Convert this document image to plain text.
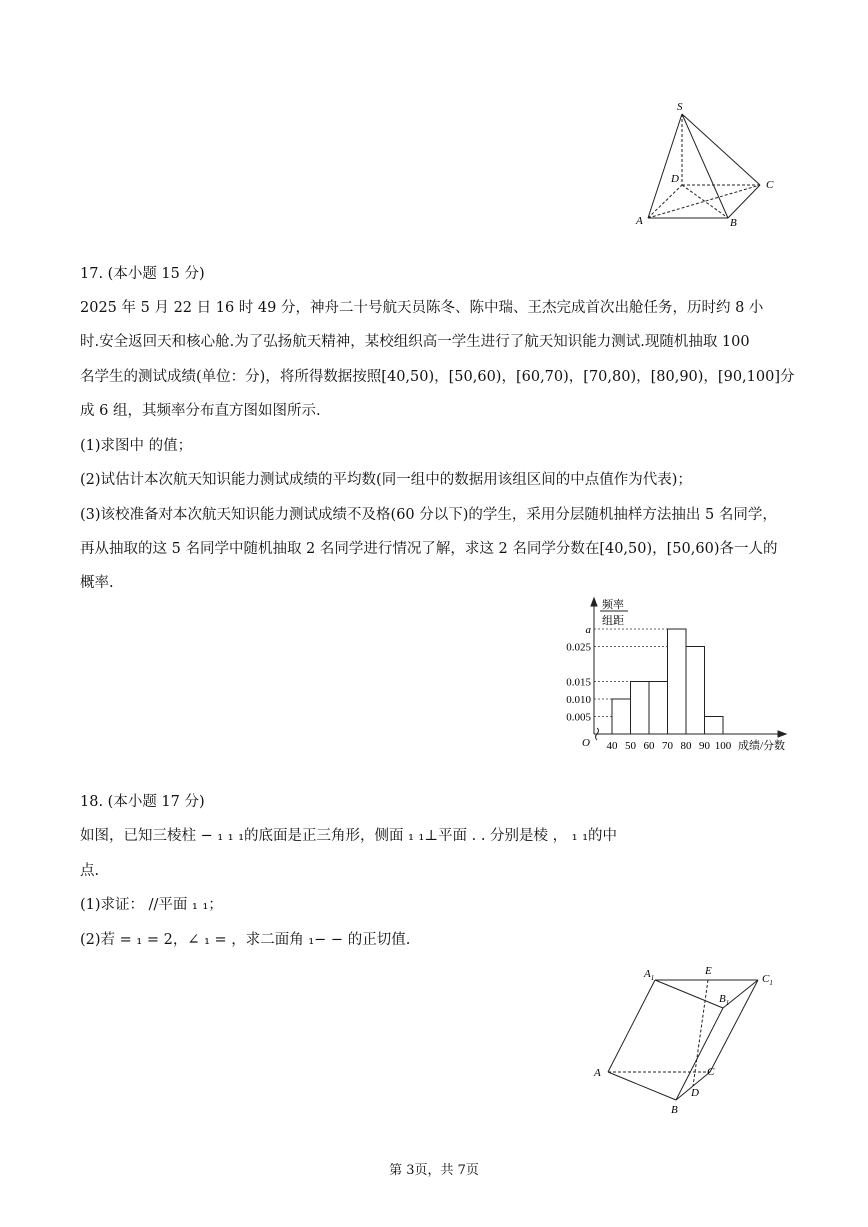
S
D	C
A	B
17. (本小题 15 分)
2025 年 5 月 22 日 16 时 49 分，神舟二十号航天员陈冬、陈中瑞、王杰完成首次出舱任务，历时约 8 小
时.安全返回天和核心舱.为了弘扬航天精神，某校组织高一学生进行了航天知识能力测试.现随机抽取 100
名学生的测试成绩(单位：分)，将所得数据按照[40,50)，[50,60)，[60,70)，[70,80)，[80,90)，[90,100]分
成 6 组，其频率分布直方图如图所示.
(1)求图中 的值；
(2)试估计本次航天知识能力测试成绩的平均数(同一组中的数据用该组区间的中点值作为代表)；
(3)该校准备对本次航天知识能力测试成绩不及格(60 分以下)的学生，采用分层随机抽样方法抽出 5 名同学，
再从抽取的这 5 名同学中随机抽取 2 名同学进行情况了解，求这 2 名同学分数在[40,50)，[50,60)各一人的
概率.
频率
组距
成绩/分数
O
a
0.025
0.015
0.010
0.005
40 50 60 70 80 90 100
18. (本小题 17 分)
如图，已知三棱柱 − ₁ ₁ ₁的底面是正三角形，侧面 ₁ ₁⊥平面 . . 分别是棱 ， ₁ ₁的中
点.
(1)求证： //平面 ₁ ₁；
(2)若 = ₁ = 2，∠ ₁ = ，求二面角 ₁− − 的正切值.
$A_1$
E
$C_1$
$B_1$
A	C
D
B
第 3页，共 7页
